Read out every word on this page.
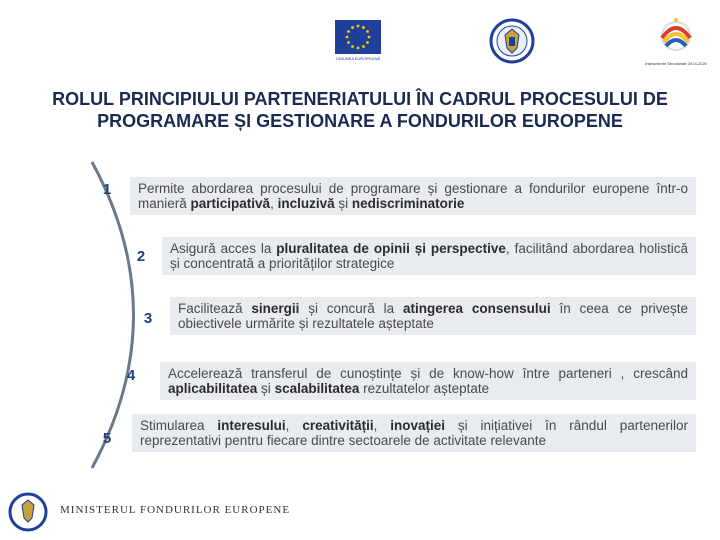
UNIUNEA EUROPEANĂ
Instrumente Structurale 2014-2020
ROLUL PRINCIPIULUI PARTENERIATULUI ÎN CADRUL PROCESULUI DE PROGRAMARE ȘI GESTIONARE A FONDURILOR EUROPENE
1	Permite abordarea procesului de programare și gestionare a fondurilor europene într-o manieră participativă, incluzivă și nediscriminatorie
2	Asigură acces la pluralitatea de opinii și perspective, facilitând abordarea holistică și concentrată a priorităților strategice
3
Facilitează sinergii și concură la atingerea consensului în ceea ce privește obiectivele urmărite și rezultatele așteptate
4	Accelerează transferul de cunoștințe și de know-how între parteneri , crescând aplicabilitatea și scalabilitatea rezultatelor așteptate
5
Stimularea interesului, creativității, inovației și inițiativei în rândul partenerilor reprezentativi pentru fiecare dintre sectoarele de activitate relevante
MINISTERUL FONDURILOR EUROPENE
